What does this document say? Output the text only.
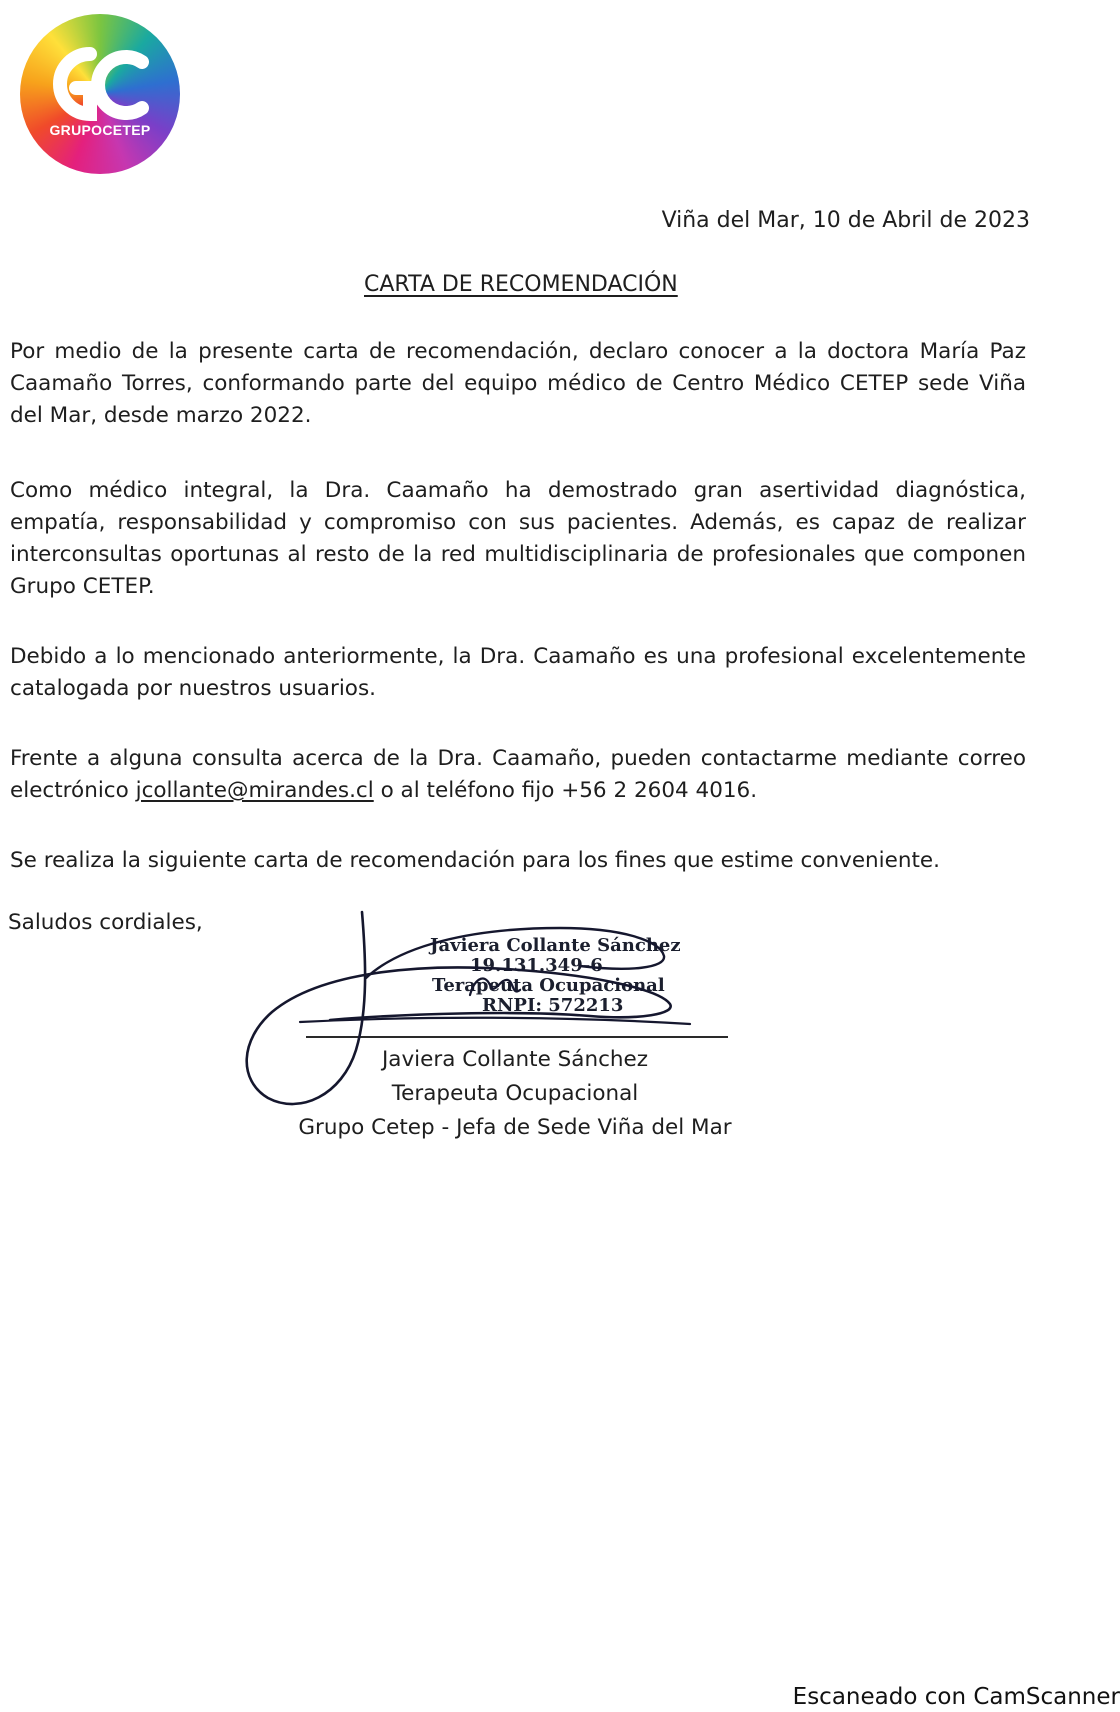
GRUPOCETEP
Viña del Mar, 10 de Abril de 2023
CARTA DE RECOMENDACIÓN
Por medio de la presente carta de recomendación, declaro conocer a la doctora María Paz Caamaño Torres, conformando parte del equipo médico de Centro Médico CETEP sede Viña del Mar, desde marzo 2022.
Como médico integral, la Dra. Caamaño ha demostrado gran asertividad diagnóstica, empatía, responsabilidad y compromiso con sus pacientes. Además, es capaz de realizar interconsultas oportunas al resto de la red multidisciplinaria de profesionales que componen Grupo CETEP.
Debido a lo mencionado anteriormente, la Dra. Caamaño es una profesional excelentemente catalogada por nuestros usuarios.
Frente a alguna consulta acerca de la Dra. Caamaño, pueden contactarme mediante correo electrónico jcollante@mirandes.cl o al teléfono fijo +56 2 2604 4016.
Se realiza la siguiente carta de recomendación para los fines que estime conveniente.
Saludos cordiales,
Javiera Collante Sánchez
19.131.349-6
Terapeuta Ocupacional
RNPI: 572213
Javiera Collante Sánchez
Terapeuta Ocupacional
Grupo Cetep - Jefa de Sede Viña del Mar
Escaneado con CamScanner
